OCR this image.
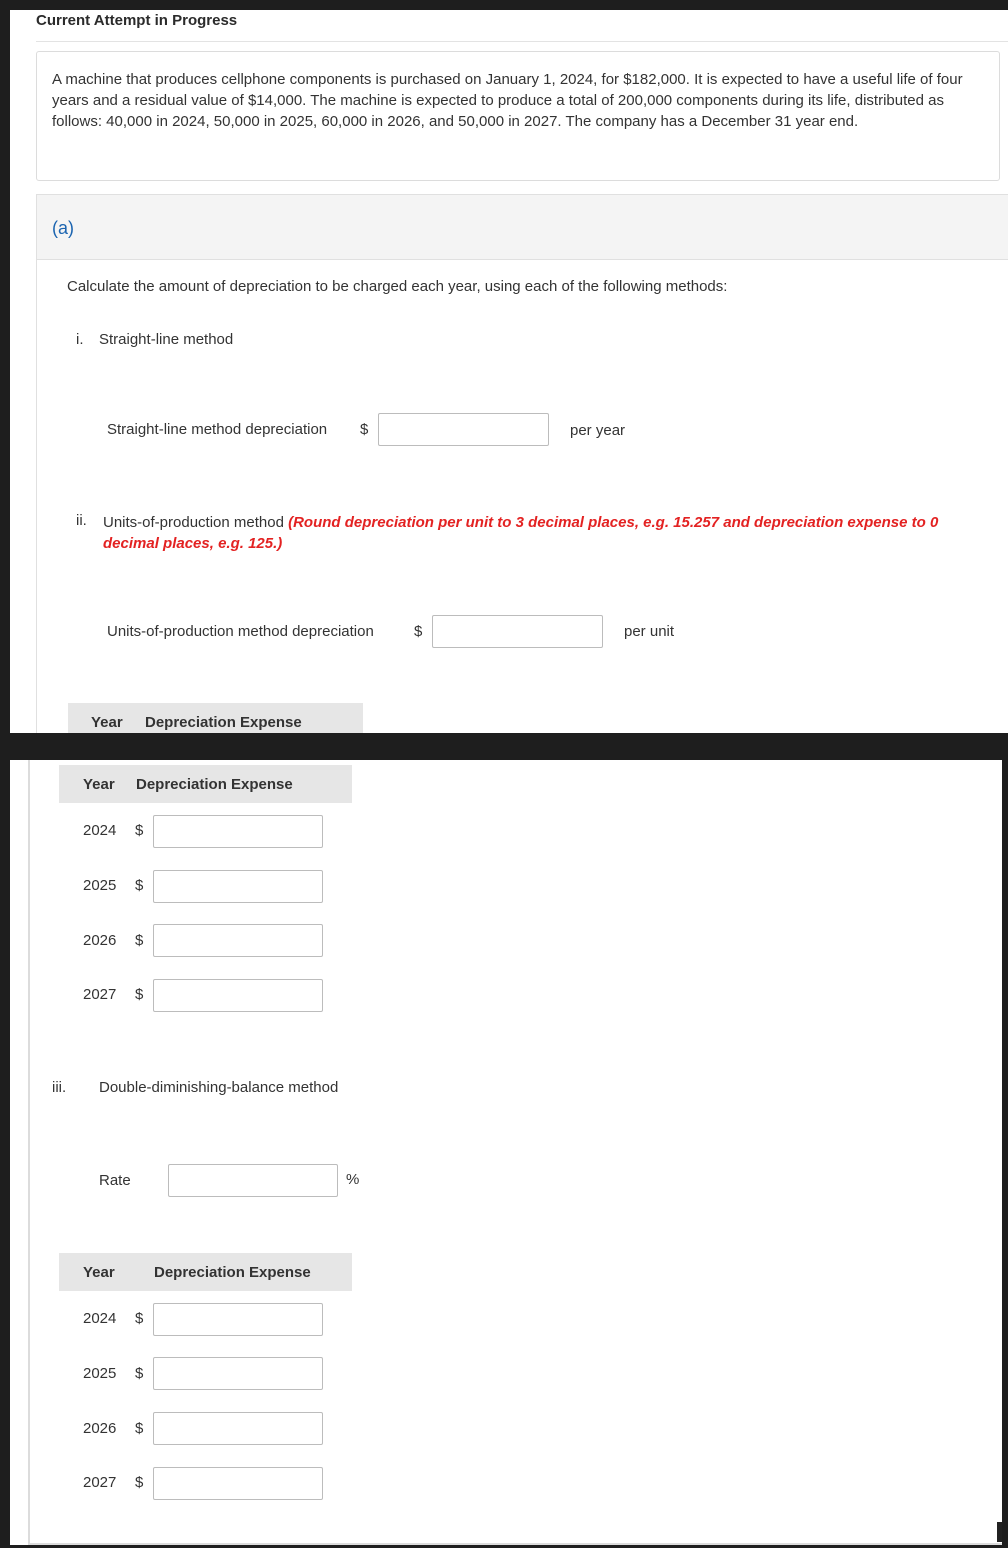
Current Attempt in Progress
A machine that produces cellphone components is purchased on January 1, 2024, for $182,000. It is expected to have a useful life of four years and a residual value of $14,000. The machine is expected to produce a total of 200,000 components during its life, distributed as follows: 40,000 in 2024, 50,000 in 2025, 60,000 in 2026, and 50,000 in 2027. The company has a December 31 year end.
(a)
Calculate the amount of depreciation to be charged each year, using each of the following methods:
i. Straight-line method
Straight-line method depreciation $	per year
ii. Units-of-production method (Round depreciation per unit to 3 decimal places, e.g. 15.257 and depreciation expense to 0 decimal places, e.g. 125.)
Units-of-production method depreciation	$	per unit
Year Depreciation Expense
Year Depreciation Expense
2024 $
2025 $
2026 $
2027 $
iii. Double-diminishing-balance method
Rate	%
Year	Depreciation Expense
2024 $
2025 $
2026 $
2027 $
